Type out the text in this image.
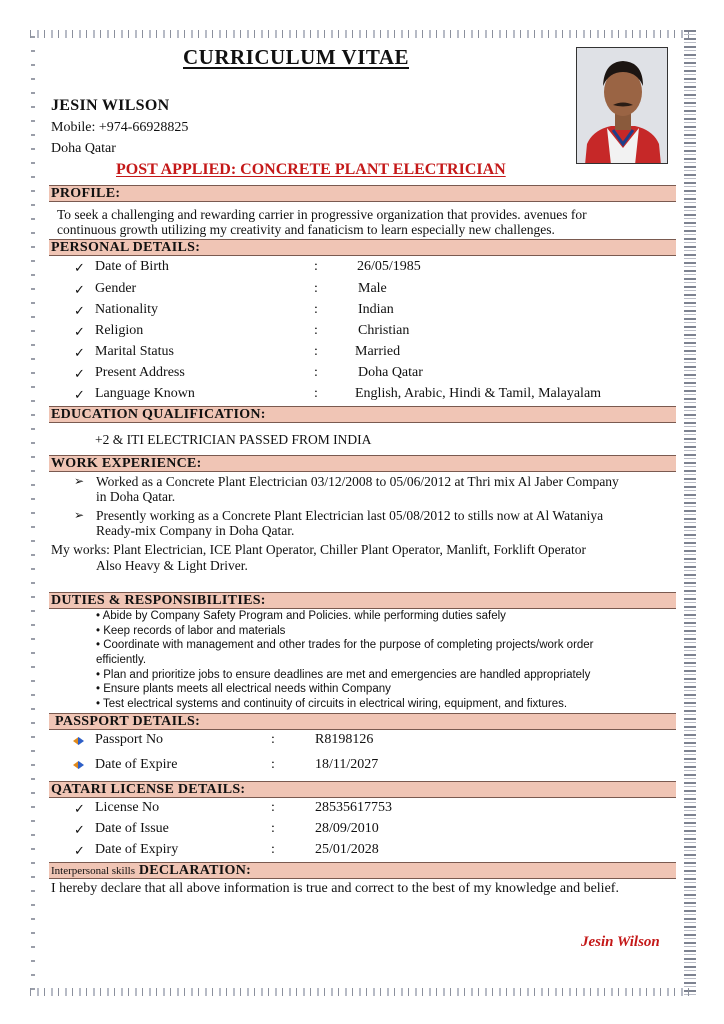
CURRICULUM VITAE
JESIN WILSON
Mobile: +974-66928825
Doha Qatar
POST APPLIED: CONCRETE PLANT ELECTRICIAN
PROFILE:
To seek a challenging and rewarding carrier in progressive organization that provides. avenues for
continuous growth utilizing my creativity and fanaticism to learn especially new challenges.
PERSONAL DETAILS:
✓ Date of Birth	:	26/05/1985
✓ Gender	:	Male
✓ Nationality	:	Indian
✓ Religion	:	Christian
✓ Marital Status	:	Married
✓ Present Address	:	Doha Qatar
✓ Language Known	:	English, Arabic, Hindi & Tamil, Malayalam
EDUCATION QUALIFICATION:
+2 & ITI ELECTRICIAN PASSED FROM INDIA
WORK EXPERIENCE:
➢ Worked as a Concrete Plant Electrician 03/12/2008 to 05/06/2012 at Thri mix Al Jaber Company
in Doha Qatar.
➢ Presently working as a Concrete Plant Electrician last 05/08/2012 to stills now at Al Wataniya
Ready-mix Company in Doha Qatar.
My works: Plant Electrician, ICE Plant Operator, Chiller Plant Operator, Manlift, Forklift Operator
Also Heavy & Light Driver.
DUTIES & RESPONSIBILITIES:
• Abide by Company Safety Program and Policies. while performing duties safely
• Keep records of labor and materials
• Coordinate with management and other trades for the purpose of completing projects/work order
efficiently.
• Plan and prioritize jobs to ensure deadlines are met and emergencies are handled appropriately
• Ensure plants meets all electrical needs within Company
• Test electrical systems and continuity of circuits in electrical wiring, equipment, and fixtures.
PASSPORT DETAILS:
Passport No	:	R8198126
Date of Expire	:	18/11/2027
QATARI LICENSE DETAILS:
✓ License No	:	28535617753
✓ Date of Issue	:	28/09/2010
✓ Date of Expiry	:	25/01/2028
Interpersonal skills DECLARATION:
I hereby declare that all above information is true and correct to the best of my knowledge and belief.
Jesin Wilson
